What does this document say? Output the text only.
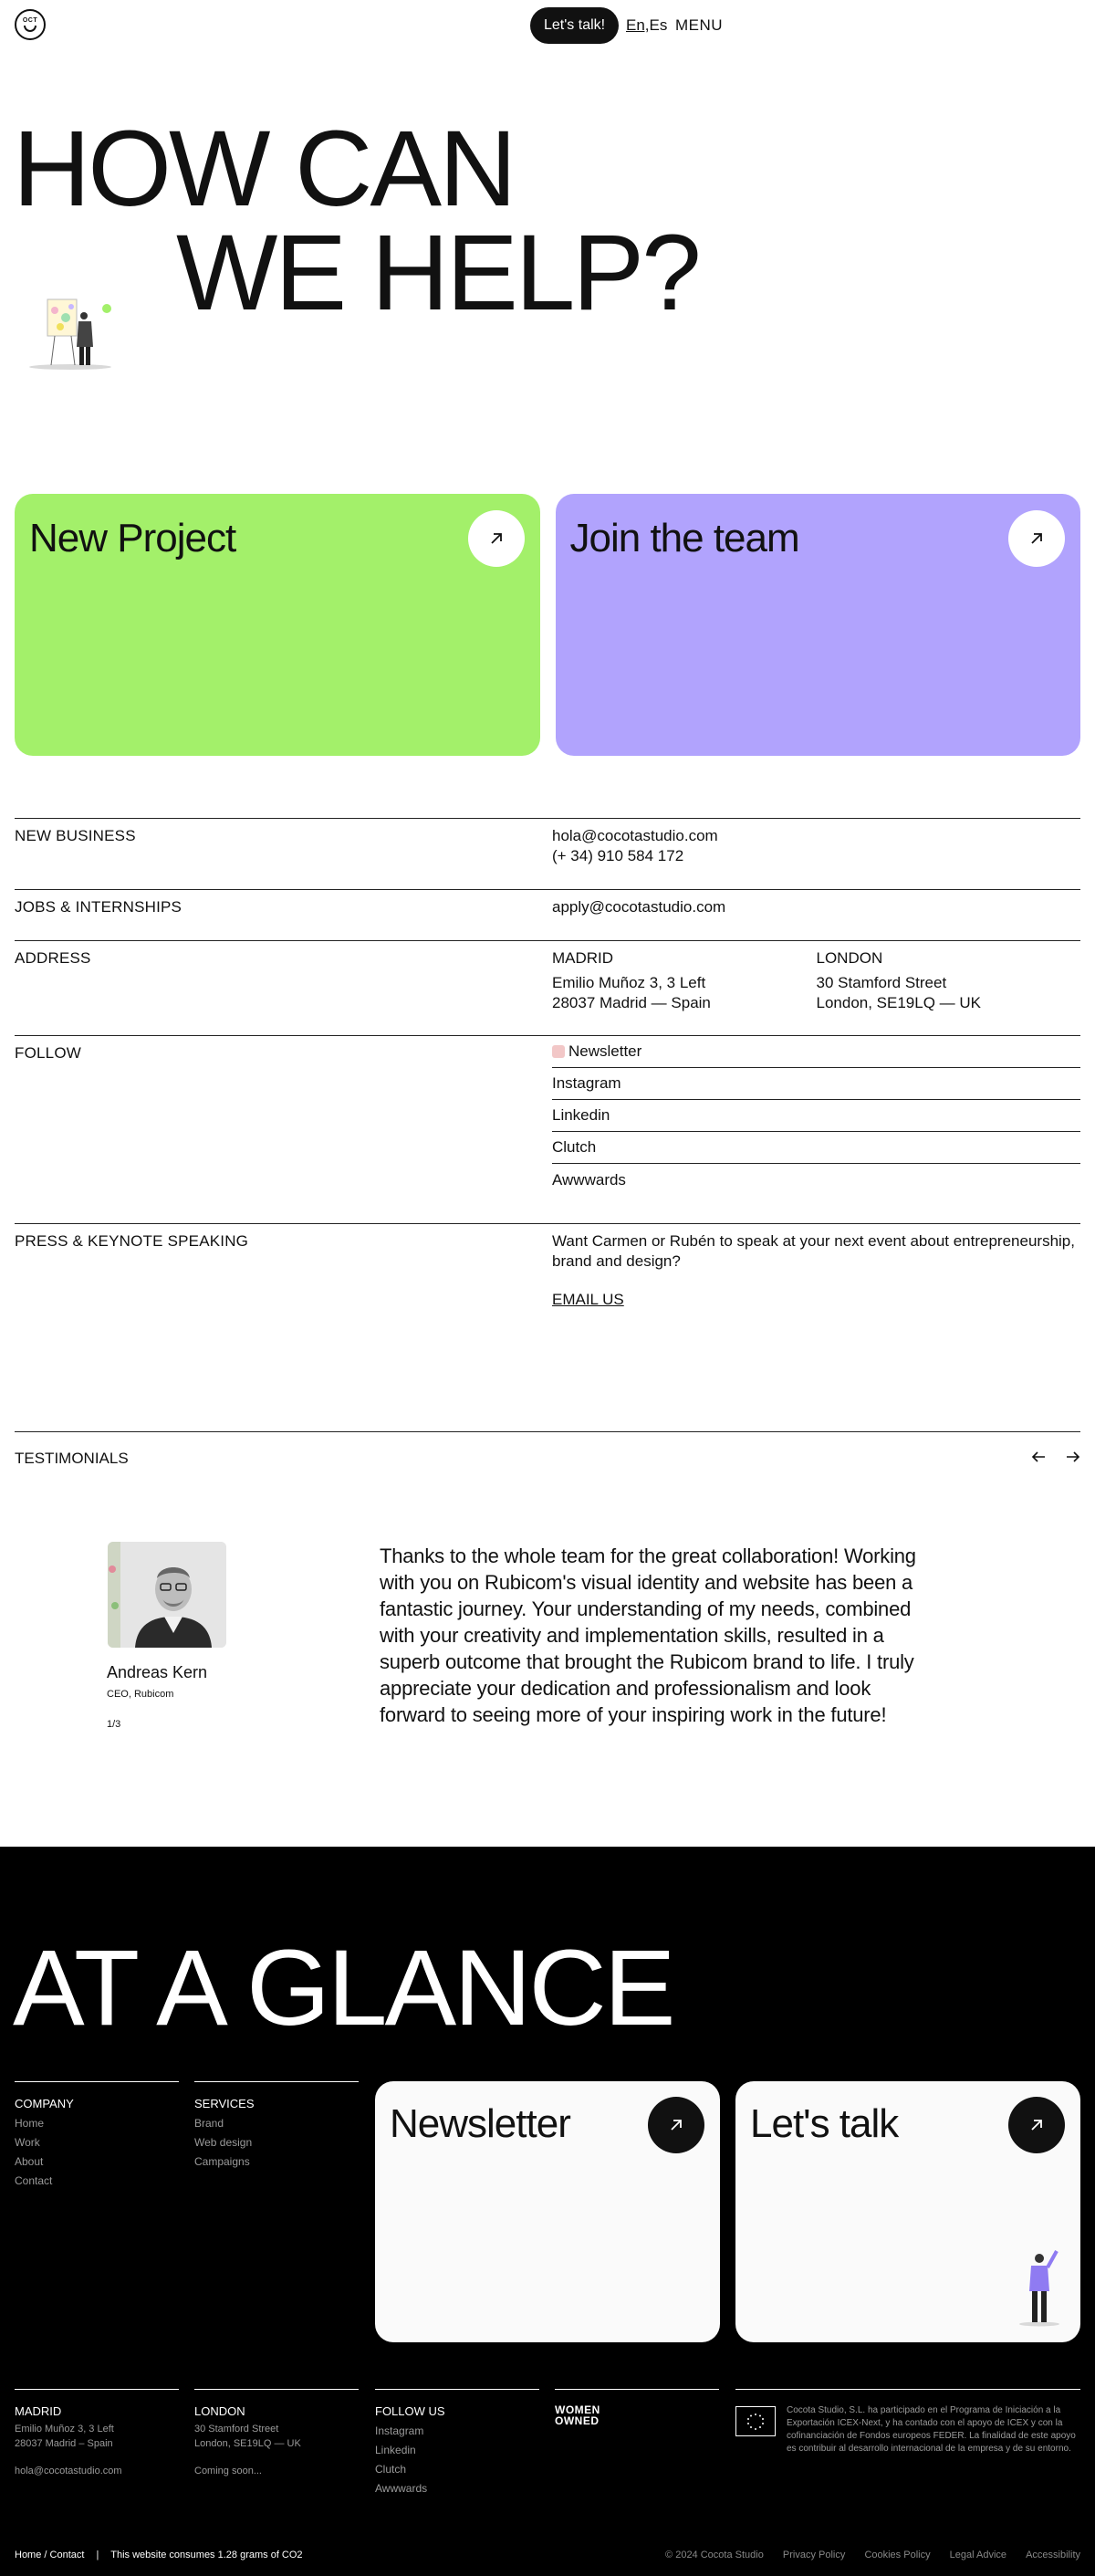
OCT	Let's talk!	En,Es MENU
HOW CAN
WE HELP?
New Project	Join the team
NEW BUSINESS	hola@cocotastudio.com
(+ 34) 910 584 172
JOBS & INTERNSHIPS	apply@cocotastudio.com
ADDRESS	MADRID
Emilio Muñoz 3, 3 Left
28037 Madrid — Spain
LONDON
30 Stamford Street
London, SE19LQ — UK
FOLLOW	Newsletter
Instagram
Linkedin
Clutch
Awwwards
PRESS & KEYNOTE SPEAKING	Want Carmen or Rubén to speak at your next event about entrepreneurship, brand and design?
EMAIL US
TESTIMONIALS
Andreas Kern
CEO, Rubicom
1/3
Thanks to the whole team for the great collaboration! Working with you on Rubicom's visual identity and website has been a fantastic journey. Your understanding of my needs, combined with your creativity and implementation skills, resulted in a superb outcome that brought the Rubicom brand to life. I truly appreciate your dedication and professionalism and look forward to seeing more of your inspiring work in the future!
AT A GLANCE
COMPANY
Home
Work
About
Contact
SERVICES
Brand
Web design
Campaigns
Newsletter	Let's talk
MADRID
Emilio Muñoz 3, 3 Left
28037 Madrid – Spain
hola@cocotastudio.com
LONDON
30 Stamford Street
London, SE19LQ — UK
Coming soon...
FOLLOW US
Instagram
Linkedin
Clutch
Awwwards
WOMEN
OWNED
Cocota Studio, S.L. ha participado en el Programa de Iniciación a la Exportación ICEX-Next, y ha contado con el apoyo de ICEX y con la cofinanciación de Fondos europeos FEDER. La finalidad de este apoyo es contribuir al desarrollo internacional de la empresa y de su entorno.
Home / Contact | This website consumes 1.28 grams of CO2	© 2024 Cocota Studio Privacy Policy Cookies Policy Legal Advice Accessibility
